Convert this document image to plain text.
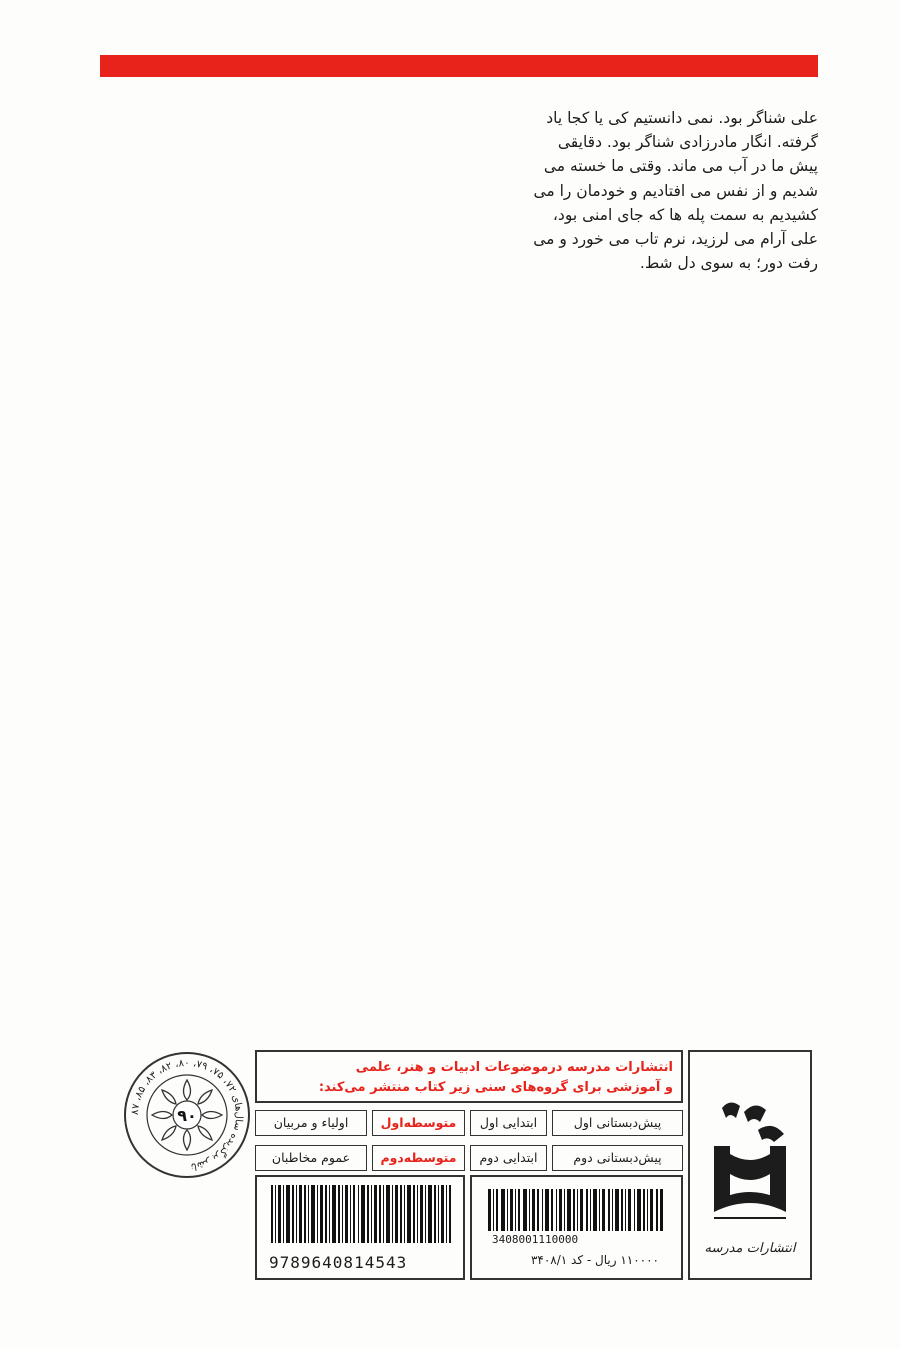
علی شناگر بود. نمی دانستیم کی یا کجا یاد
گرفته. انگار مادرزادی شناگر بود. دقایقی
پیش ما در آب می ماند. وقتی ما خسته می
شدیم و از نفس می افتادیم و خودمان را می
کشیدیم به سمت پله ها که جای امنی بود،
علی آرام می لرزید، نرم تاب می خورد و می
رفت دور؛ به سوی دل شط.
انتشارات مدرسه
انتشارات مدرسه درموضوعات ادبیات و هنر، علمی
و آموزشی برای گروه‌های سنی زیر کتاب منتشر می‌کند:
پیش‌دبستانی اول
ابتدایی اول
متوسطه‌اول
اولیاء و مربیان
پیش‌دبستانی دوم
ابتدایی دوم
متوسطه‌دوم
عموم مخاطبان
3408001110000
۱۱۰۰۰۰ ریال - کد ۳۴۰۸/۱
9789640814543
ناشر برگزیده سال‌های ۷۲، ۷۵، ۷۹، ۸۰، ۸۲، ۸۳، ۸۵، ۸۷
۹۰
